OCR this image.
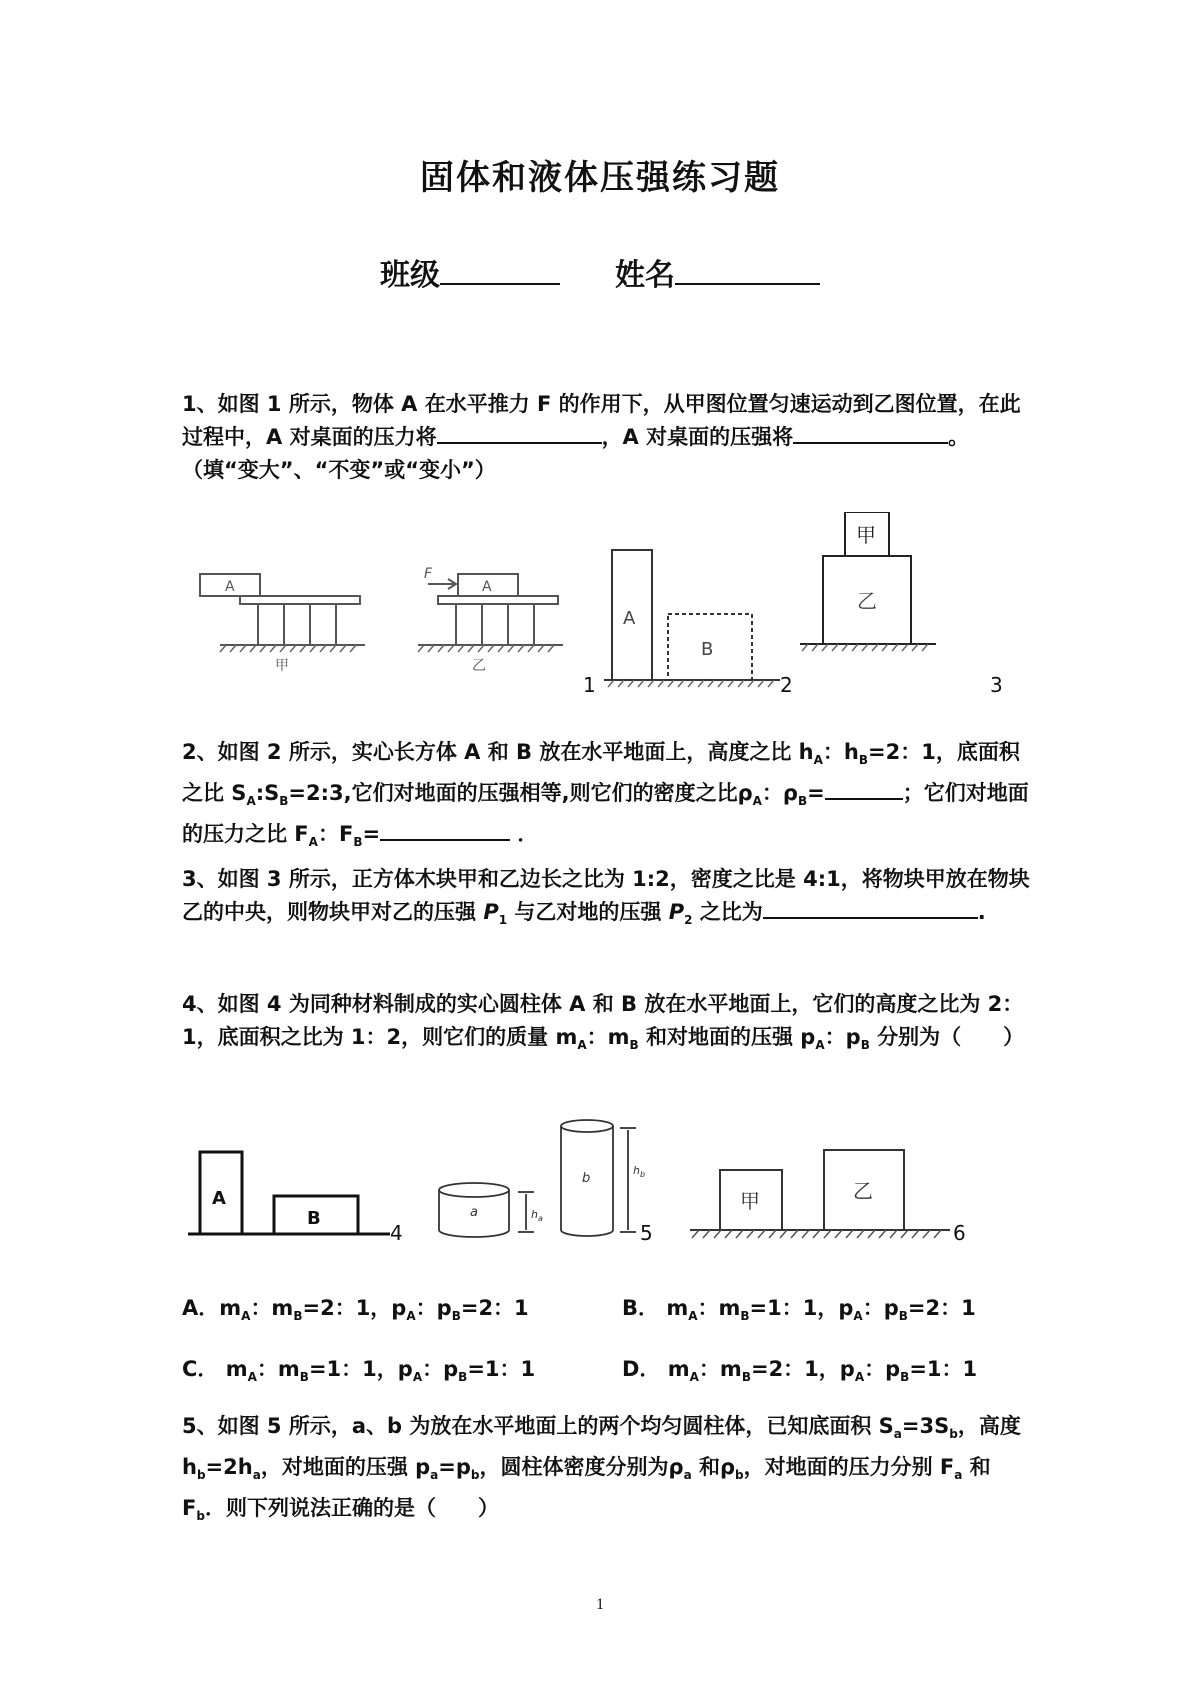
固体和液体压强练习题
班级	姓名
1、如图 1 所示，物体 A 在水平推力 F 的作用下，从甲图位置匀速运动到乙图位置，在此过程中，A 对桌面的压力将	，A 对桌面的压强将	。（填“变大”、“不变”或“变小”）
A
甲
F
A
乙
1
A
B
2
甲
乙
3
2、如图 2 所示，实心长方体 A 和 B 放在水平地面上，高度之比 $h_A$：$h_B=2$：1，底面积之比 $S_A:S_B=2:3$,它们对地面的压强相等,则它们的密度之比$\rho_A$：$\rho_B=$	；它们对地面的压力之比 $F_A$：$F_B=$	．
3、如图 3 所示，正方体木块甲和乙边长之比为 1:2，密度之比是 4:1，将物块甲放在物块乙的中央，则物块甲对乙的压强 $P_1$ 与乙对地的压强 $P_2$ 之比为	.
4、如图 4 为同种材料制成的实心圆柱体 A 和 B 放在水平地面上，它们的高度之比为 2：1，底面积之比为 1：2，则它们的质量 $m_A$：$m_B$ 和对地面的压强 $p_A$：$p_B$ 分别为（　　）
A
B
4
a
b
$h_a$
$h_b$
5
甲	乙
6
A．$m_A$：$m_B=2$：1，$p_A$：$p_B=2$：1	B． $m_A$：$m_B=1$：1，$p_A$：$p_B=2$：1
C． $m_A$：$m_B=1$：1，$p_A$：$p_B=1$：1	D． $m_A$：$m_B=2$：1，$p_A$：$p_B=1$：1
5、如图 5 所示，a、b 为放在水平地面上的两个均匀圆柱体，已知底面积 $S_a=3S_b$，高度 $h_b=2h_a$，对地面的压强 $p_a=p_b$，圆柱体密度分别为$\rho_a$ 和$\rho_b$，对地面的压力分别 $F_a$ 和 $F_b$．则下列说法正确的是（　　）
1
